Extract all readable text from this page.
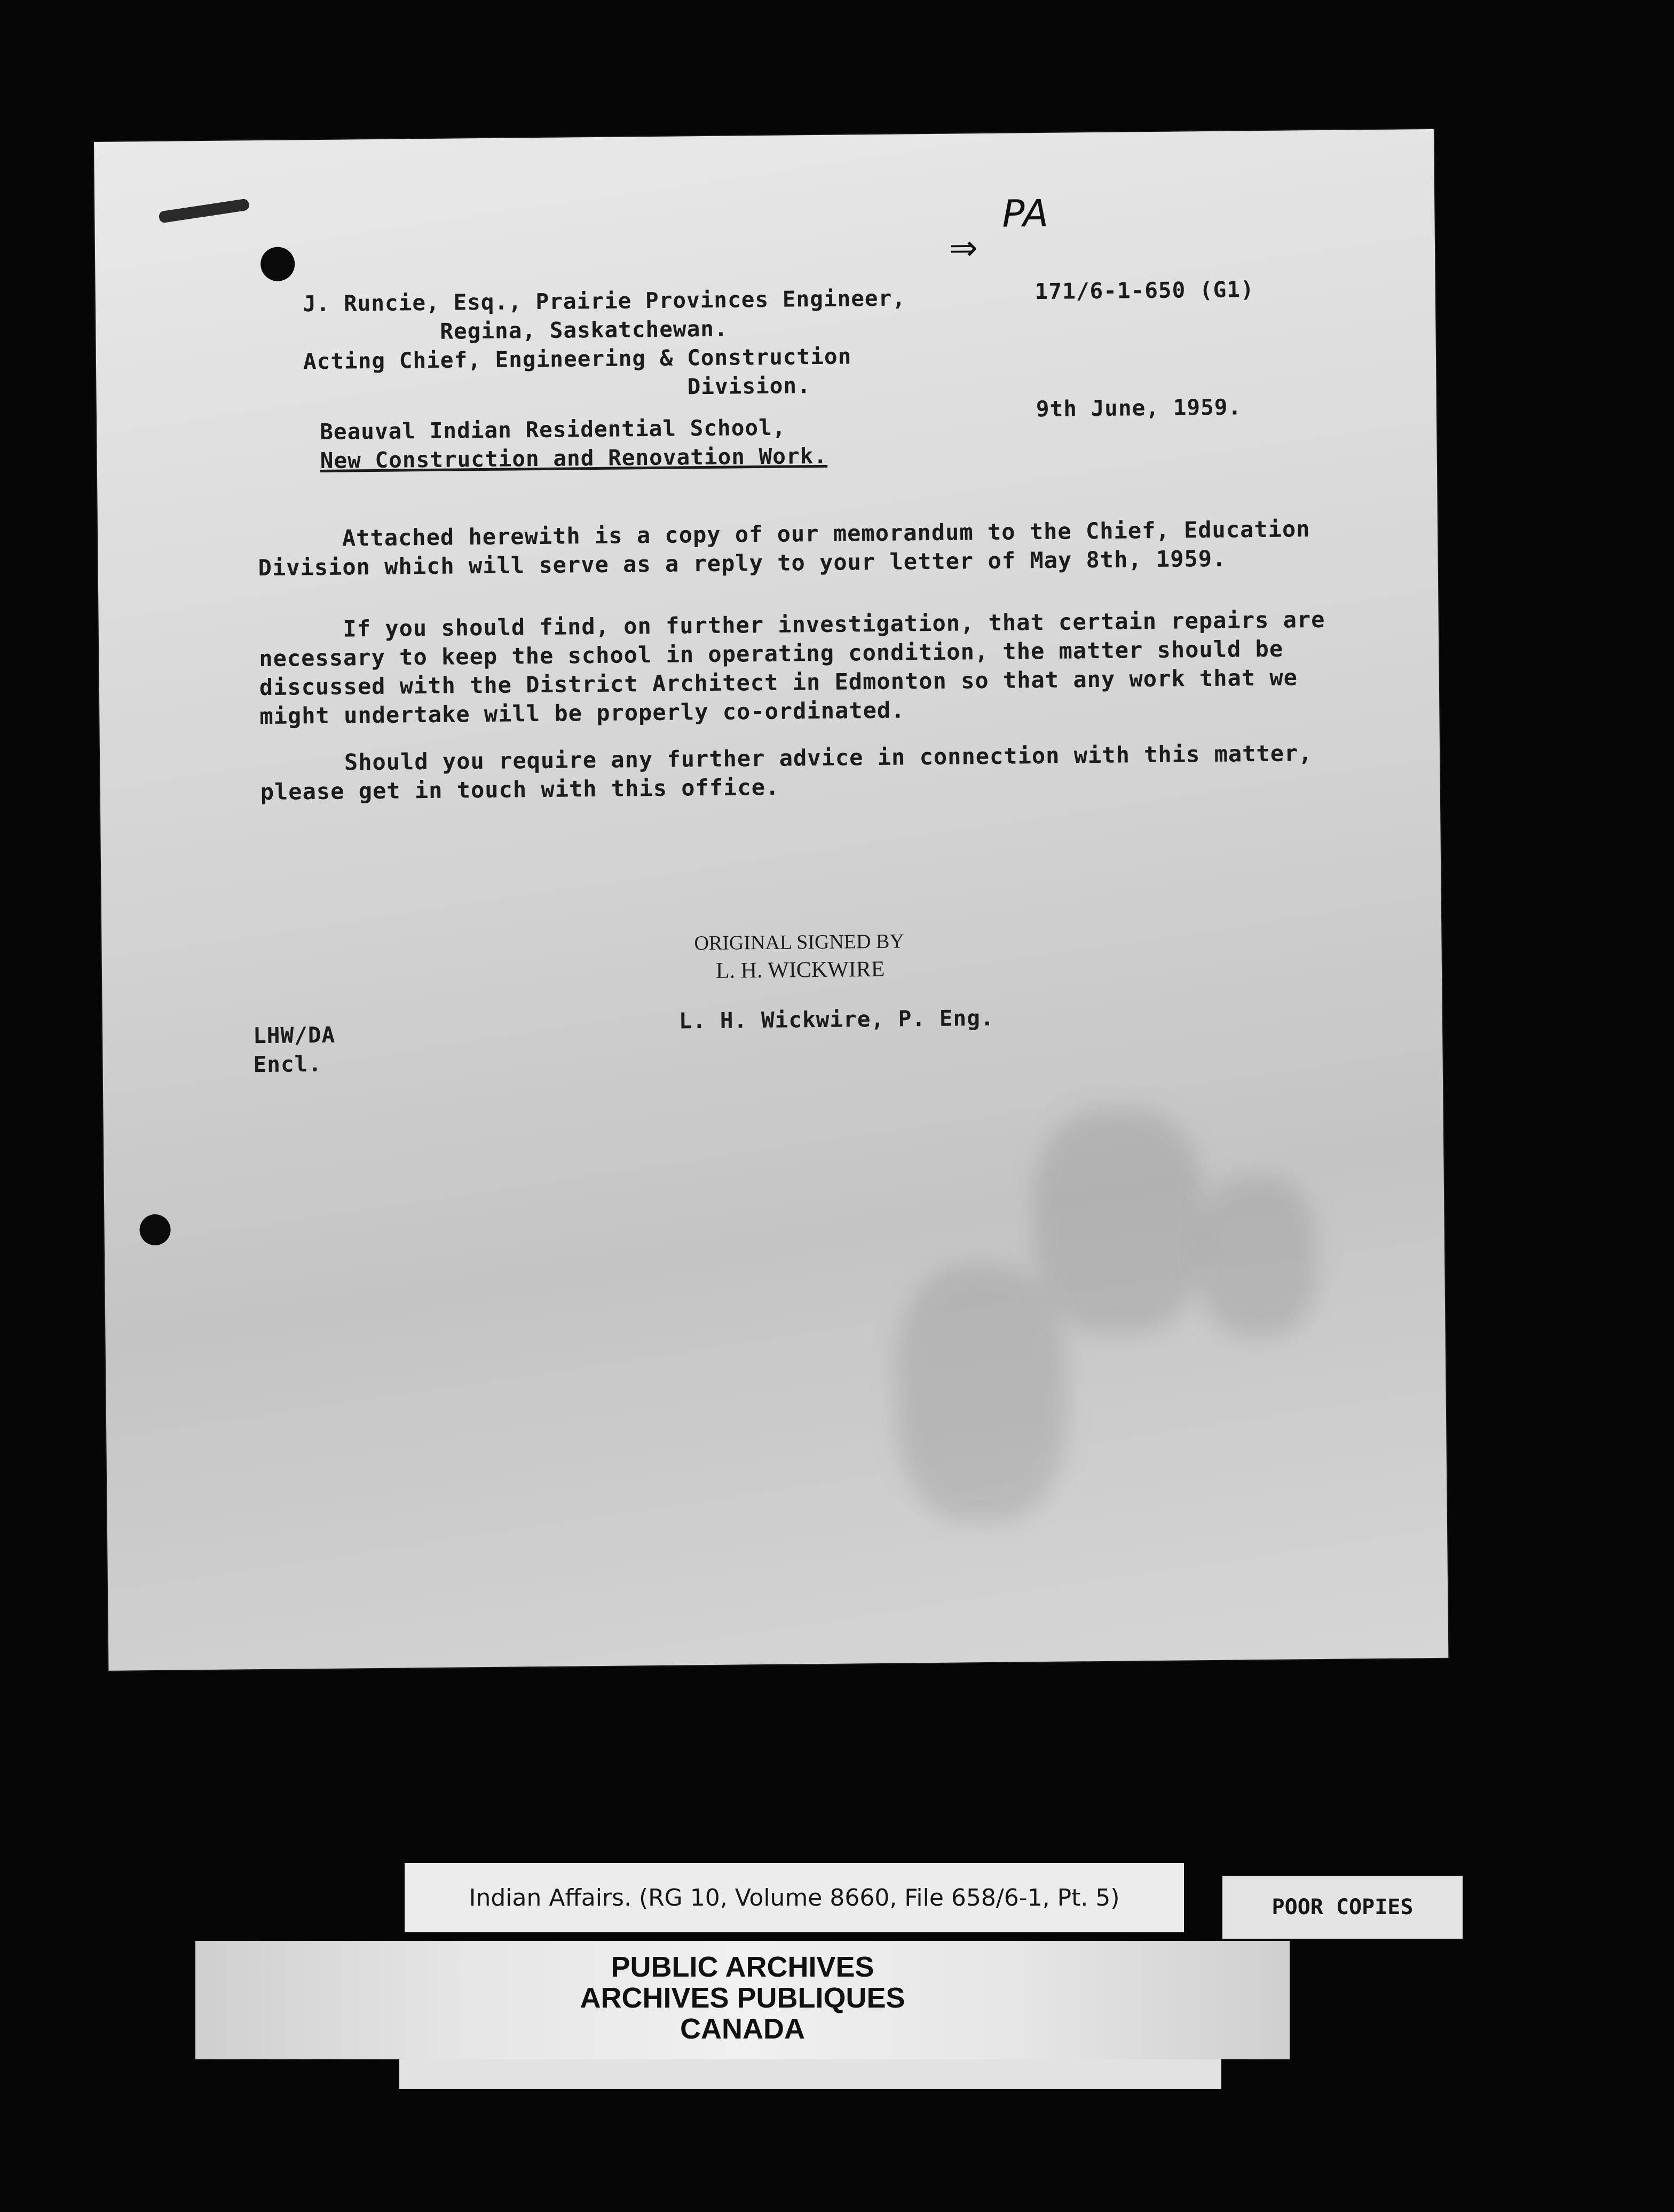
⇒
PA
171/6-1-650 (G1)
9th June, 1959.
J. Runcie, Esq., Prairie Provinces Engineer,
Regina, Saskatchewan.
Acting Chief, Engineering & Construction
Division.
Beauval Indian Residential School,
New Construction and Renovation Work.
Attached herewith is a copy of our memorandum to the Chief, Education Division which will serve as a reply to your letter of May 8th, 1959.
If you should find, on further investigation, that certain repairs are necessary to keep the school in operating condition, the matter should be discussed with the District Architect in Edmonton so that any work that we might undertake will be properly co-ordinated.
Should you require any further advice in connection with this matter, please get in touch with this office.
ORIGINAL SIGNED BY
L. H. WICKWIRE
L. H. Wickwire, P. Eng.
LHW/DA
Encl.
Indian Affairs. (RG 10, Volume 8660, File 658/6-1, Pt. 5)	POOR COPIES
PUBLIC ARCHIVES
ARCHIVES PUBLIQUES
CANADA
